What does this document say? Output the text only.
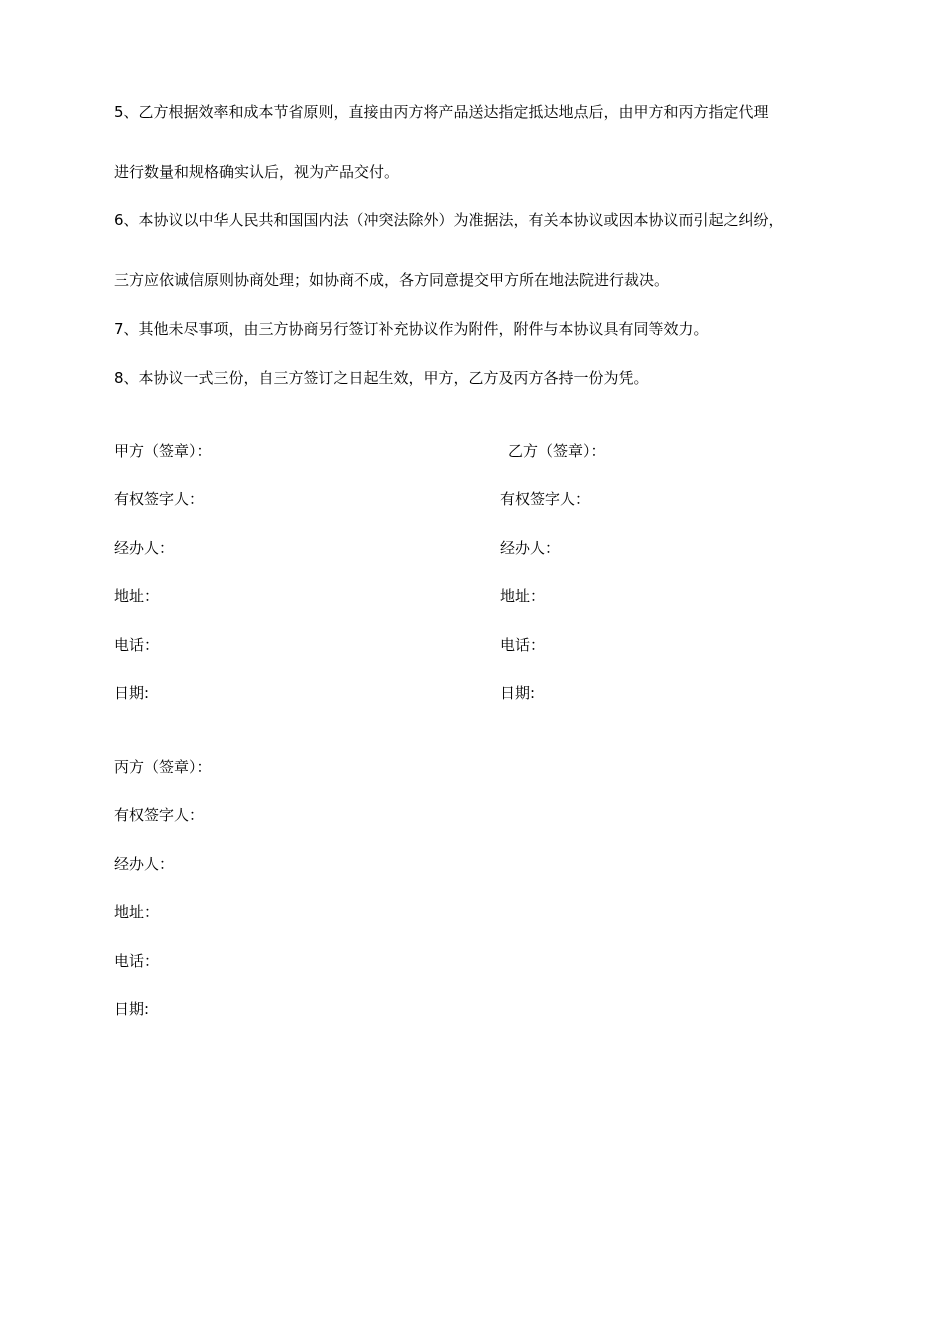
5、乙方根据效率和成本节省原则，直接由丙方将产品送达指定抵达地点后，由甲方和丙方指定代理
进行数量和规格确实认后，视为产品交付。
6、本协议以中华人民共和国国内法（冲突法除外）为准据法，有关本协议或因本协议而引起之纠纷，
三方应依诚信原则协商处理；如协商不成，各方同意提交甲方所在地法院进行裁决。
7、其他未尽事项，由三方协商另行签订补充协议作为附件，附件与本协议具有同等效力。
8、本协议一式三份，自三方签订之日起生效，甲方，乙方及丙方各持一份为凭。
甲方（签章）：
有权签字人：
经办人：
地址：
电话：
日期:
乙方（签章）：
有权签字人：
经办人：
地址：
电话：
日期:
丙方（签章）：
有权签字人：
经办人：
地址：
电话：
日期:
